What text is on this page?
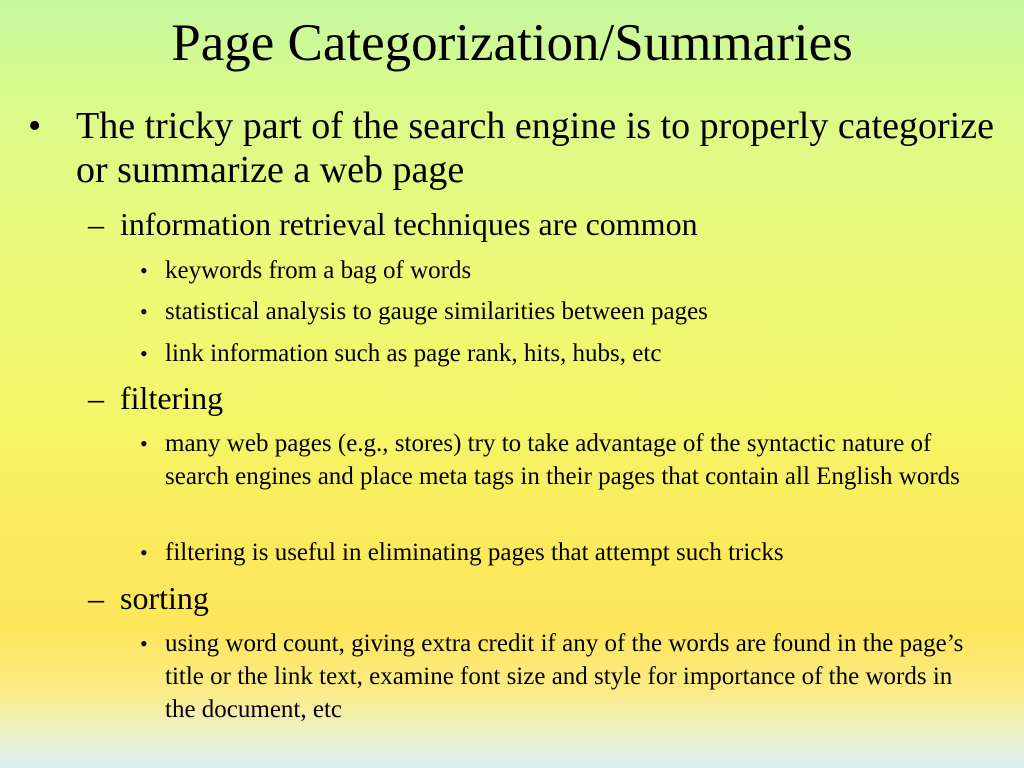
Page Categorization/Summaries
• The tricky part of the search engine is to properly categorize or summarize a web page
– information retrieval techniques are common
• keywords from a bag of words
• statistical analysis to gauge similarities between pages
• link information such as page rank, hits, hubs, etc
– filtering
• many web pages (e.g., stores) try to take advantage of the syntactic nature of search engines and place meta tags in their pages that contain all English words
• filtering is useful in eliminating pages that attempt such tricks
– sorting
• using word count, giving extra credit if any of the words are found in the page’s title or the link text, examine font size and style for importance of the words in the document, etc
